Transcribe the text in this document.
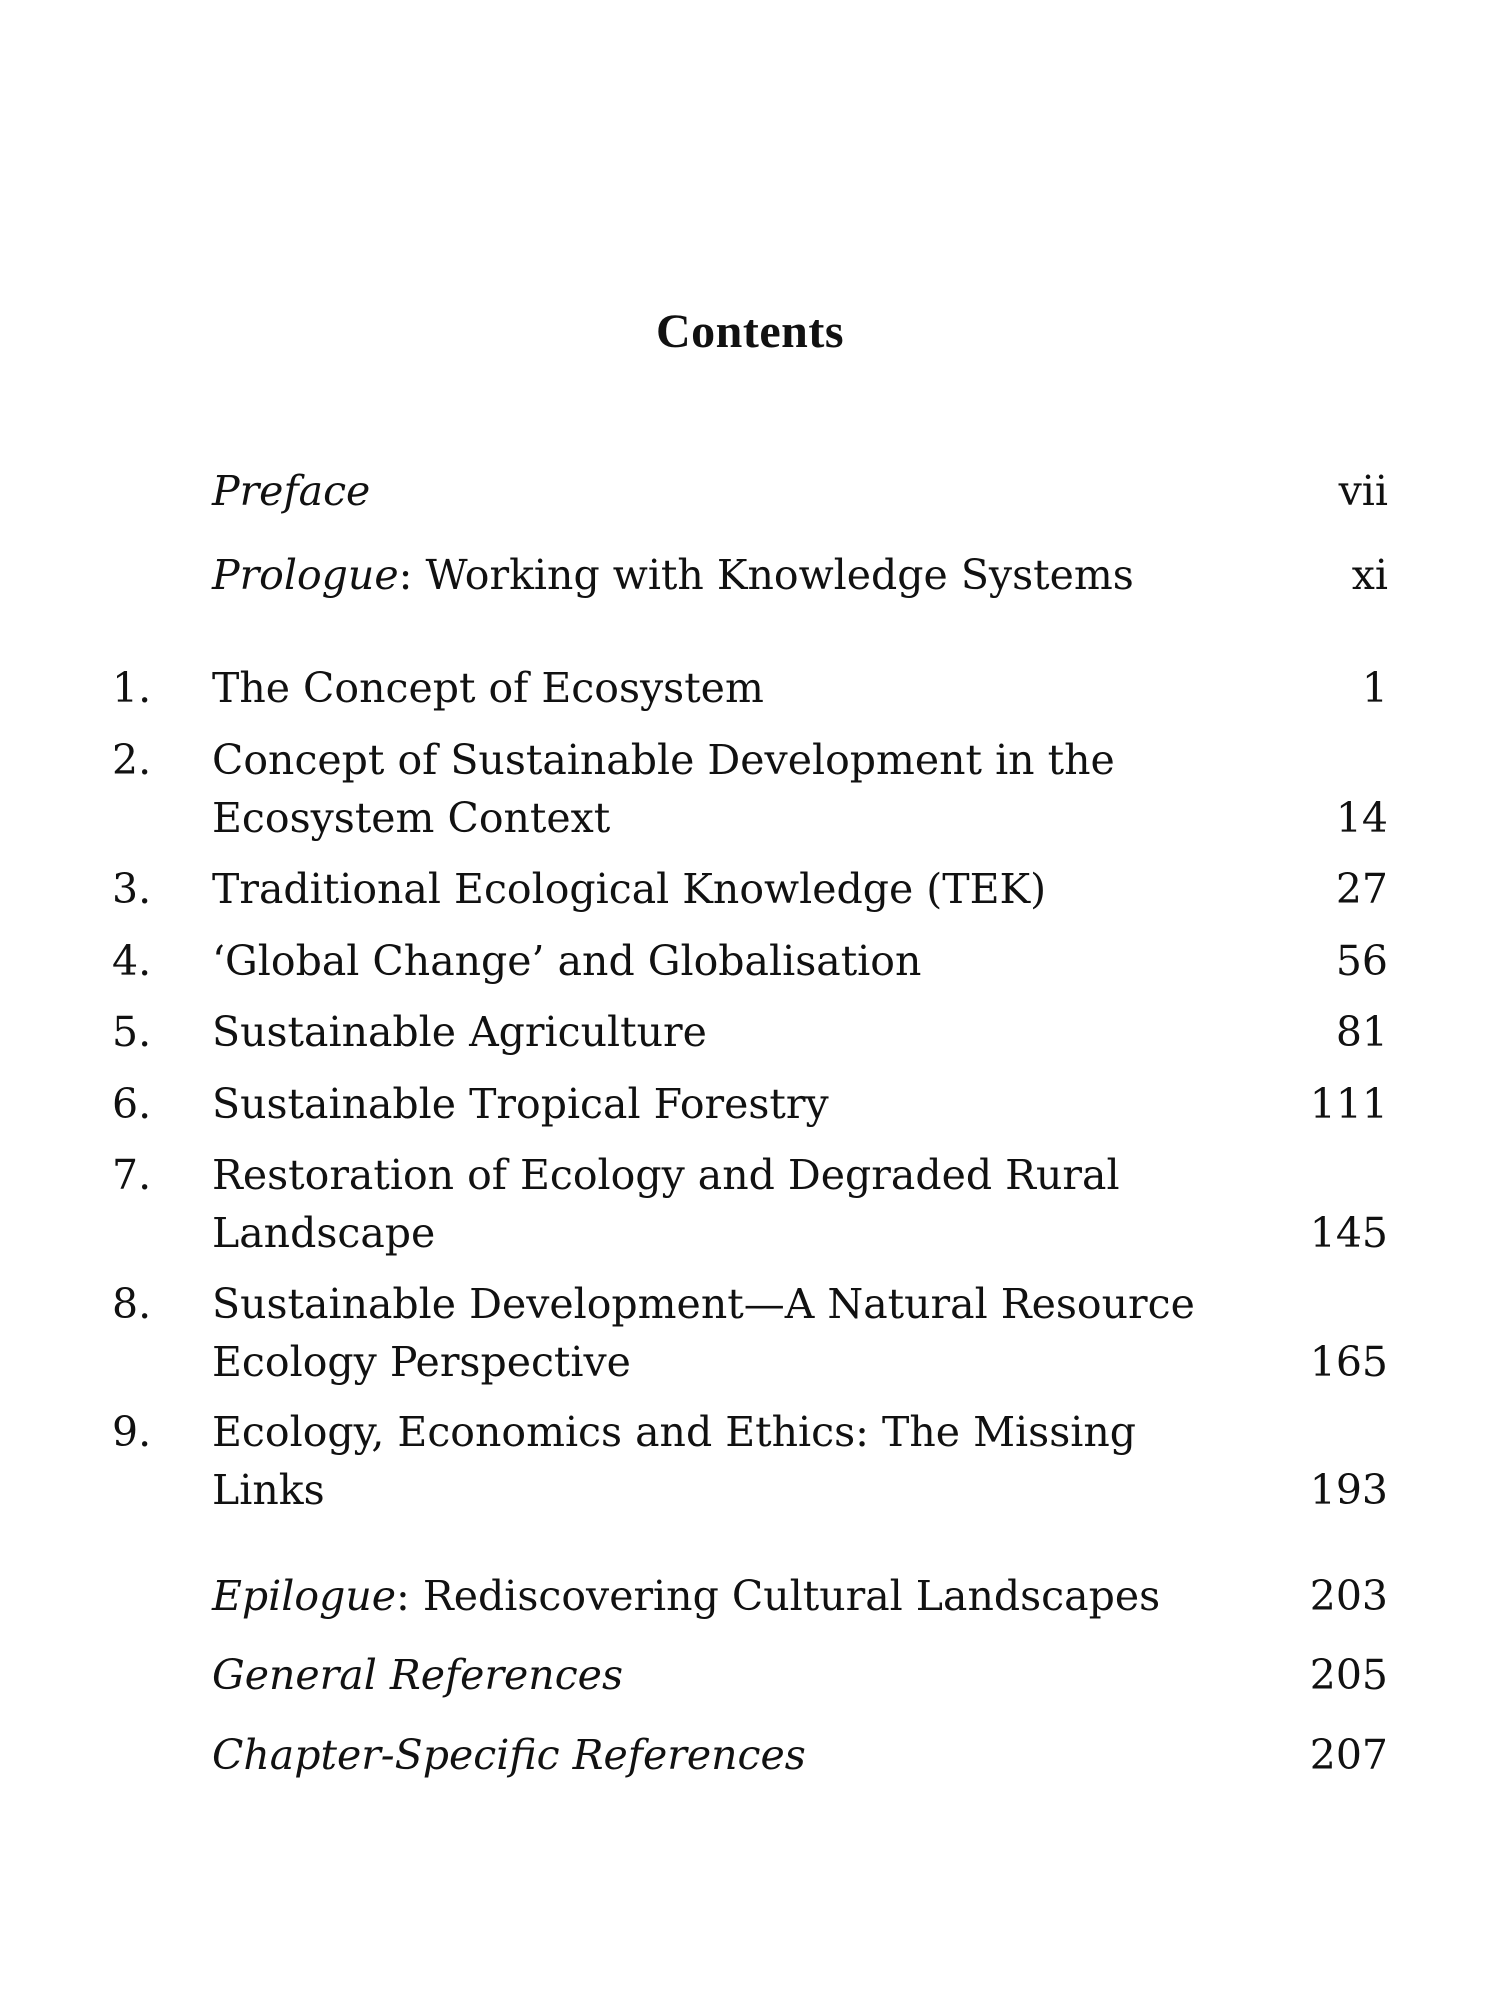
Contents
Preface	vii
Prologue: Working with Knowledge Systems	xi
1.	The Concept of Ecosystem	1
2.	Concept of Sustainable Development in the Ecosystem Context	14
3.	Traditional Ecological Knowledge (TEK)	27
4.	‘Global Change’ and Globalisation	56
5.	Sustainable Agriculture	81
6.	Sustainable Tropical Forestry	111
7.	Restoration of Ecology and Degraded Rural Landscape	145
8.	Sustainable Development—A Natural Resource Ecology Perspective	165
9.	Ecology, Economics and Ethics: The Missing Links	193
Epilogue: Rediscovering Cultural Landscapes	203
General References	205
Chapter-Specific References	207
